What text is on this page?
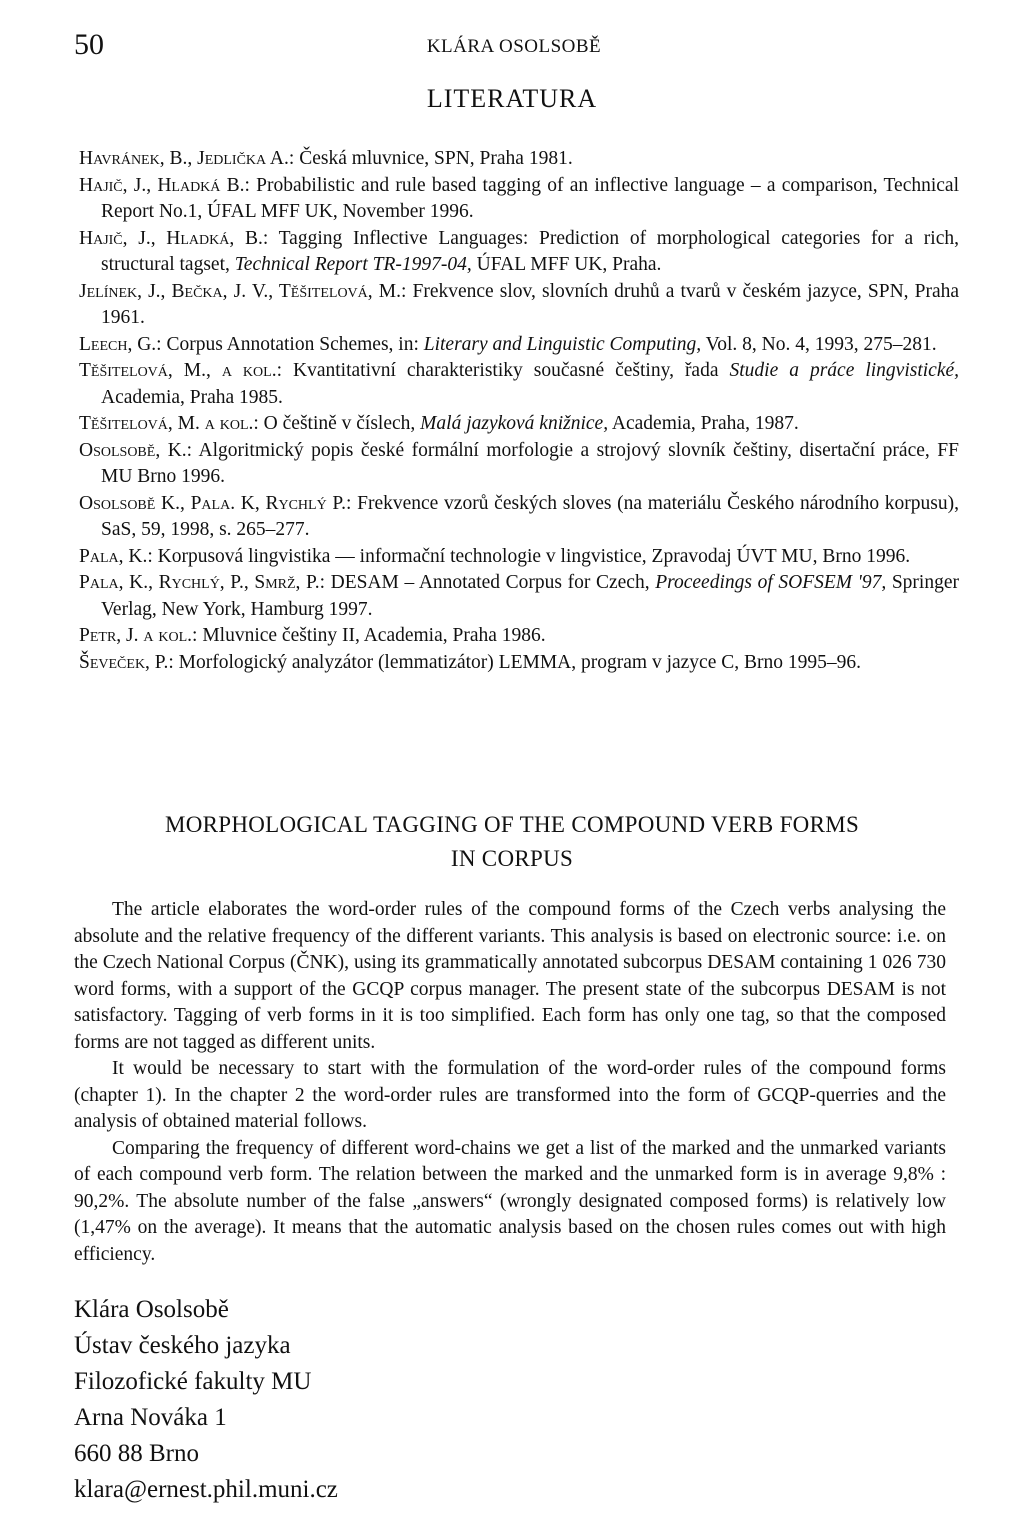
50	KLÁRA OSOLSOBĚ
LITERATURA
Havránek, B., Jedlička A.: Česká mluvnice, SPN, Praha 1981.
Hajič, J., Hladká B.: Probabilistic and rule based tagging of an inflective language – a comparison, Technical Report No.1, ÚFAL MFF UK, November 1996.
Hajič, J., Hladká, B.: Tagging Inflective Languages: Prediction of morphological categories for a rich, structural tagset, Technical Report TR-1997-04, ÚFAL MFF UK, Praha.
Jelínek, J., Bečka, J. V., Těšitelová, M.: Frekvence slov, slovních druhů a tvarů v českém jazyce, SPN, Praha 1961.
Leech, G.: Corpus Annotation Schemes, in: Literary and Linguistic Computing, Vol. 8, No. 4, 1993, 275–281.
Těšitelová, M., a kol.: Kvantitativní charakteristiky současné češtiny, řada Studie a práce lingvistické, Academia, Praha 1985.
Těšitelová, M. a kol.: O češtině v číslech, Malá jazyková knižnice, Academia, Praha, 1987.
Osolsobě, K.: Algoritmický popis české formální morfologie a strojový slovník češtiny, disertační práce, FF MU Brno 1996.
Osolsobě K., Pala. K, Rychlý P.: Frekvence vzorů českých sloves (na materiálu Českého národního korpusu), SaS, 59, 1998, s. 265–277.
Pala, K.: Korpusová lingvistika — informační technologie v lingvistice, Zpravodaj ÚVT MU, Brno 1996.
Pala, K., Rychlý, P., Smrž, P.: DESAM – Annotated Corpus for Czech, Proceedings of SOFSEM '97, Springer Verlag, New York, Hamburg 1997.
Petr, J. a kol.: Mluvnice češtiny II, Academia, Praha 1986.
Ševeček, P.: Morfologický analyzátor (lemmatizátor) LEMMA, program v jazyce C, Brno 1995–96.
MORPHOLOGICAL TAGGING OF THE COMPOUND VERB FORMS
IN CORPUS

The article elaborates the word-order rules of the compound forms of the Czech verbs analysing the absolute and the relative frequency of the different variants. This analysis is based on electronic source: i.e. on the Czech National Corpus (ČNK), using its grammatically annotated subcorpus DESAM containing 1 026 730 word forms, with a support of the GCQP corpus manager. The present state of the subcorpus DESAM is not satisfactory. Tagging of verb forms in it is too simplified. Each form has only one tag, so that the composed forms are not tagged as different units.

It would be necessary to start with the formulation of the word-order rules of the compound forms (chapter 1). In the chapter 2 the word-order rules are transformed into the form of GCQP-querries and the analysis of obtained material follows.

Comparing the frequency of different word-chains we get a list of the marked and the unmarked variants of each compound verb form. The relation between the marked and the unmarked form is in average 9,8% : 90,2%. The absolute number of the false „answers“ (wrongly designated composed forms) is relatively low (1,47% on the average). It means that the automatic analysis based on the chosen rules comes out with high efficiency.

Klára Osolsobě
Ústav českého jazyka
Filozofické fakulty MU
Arna Nováka 1
660 88 Brno
klara@ernest.phil.muni.cz
